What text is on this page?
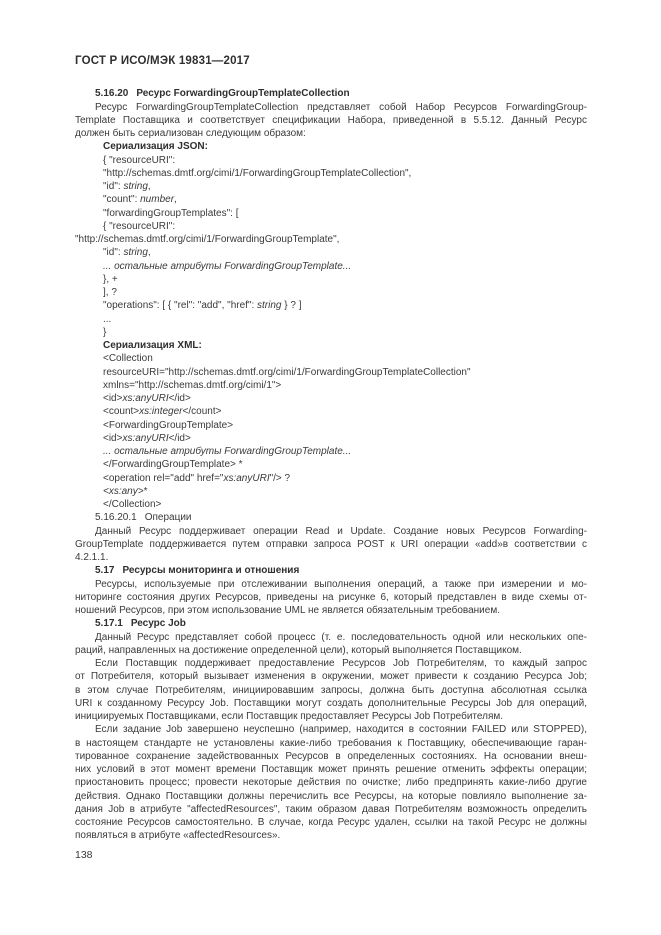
ГОСТ Р ИСО/МЭК 19831—2017
5.16.20 Ресурс ForwardingGroupTemplateCollection
Ресурс ForwardingGroupTemplateCollection представляет собой Набор Ресурсов ForwardingGroup-
Template Поставщика и соответствует спецификации Набора, приведенной в 5.5.12. Данный Ресурс
должен быть сериализован следующим образом:
Сериализация JSON:
{ "resourceURI":
"http://schemas.dmtf.org/cimi/1/ForwardingGroupTemplateCollection",
"id": string,
"count": number,
"forwardingGroupTemplates": [
{ "resourceURI":
"http://schemas.dmtf.org/cimi/1/ForwardingGroupTemplate",
"id": string,
... остальные атрибуты ForwardingGroupTemplate...
}, +
], ?
"operations": [ { "rel": "add", "href": string } ? ]
...
}
Сериализация XML:
<Collection
resourceURI="http://schemas.dmtf.org/cimi/1/ForwardingGroupTemplateCollection"
xmlns="http://schemas.dmtf.org/cimi/1">
<id>xs:anyURI</id>
<count>xs:integer</count>
<ForwardingGroupTemplate>
<id>xs:anyURI</id>
... остальные атрибуты ForwardingGroupTemplate...
</ForwardingGroupTemplate> *
<operation rel="add" href="xs:anyURI"/> ?
<xs:any>*
</Collection>
5.16.20.1 Операции
Данный Ресурс поддерживает операции Read и Update. Создание новых Ресурсов Forwarding-
GroupTemplate поддерживается путем отправки запроса POST к URI операции «add»в соответствии с
4.2.1.1.
5.17 Ресурсы мониторинга и отношения
Ресурсы, используемые при отслеживании выполнения операций, а также при измерении и мо-
ниторинге состояния других Ресурсов, приведены на рисунке 6, который представлен в виде схемы от-
ношений Ресурсов, при этом использование UML не является обязательным требованием.
5.17.1 Ресурс Job
Данный Ресурс представляет собой процесс (т. е. последовательность одной или нескольких опе-
раций, направленных на достижение определенной цели), который выполняется Поставщиком.
Если Поставщик поддерживает предоставление Ресурсов Job Потребителям, то каждый запрос
от Потребителя, который вызывает изменения в окружении, может привести к созданию Ресурса Job;
в этом случае Потребителям, инициировавшим запросы, должна быть доступна абсолютная ссылка
URI к созданному Ресурсу Job. Поставщики могут создать дополнительные Ресурсы Job для операций,
инициируемых Поставщиками, если Поставщик предоставляет Ресурсы Job Потребителям.
Если задание Job завершено неуспешно (например, находится в состоянии FAILED или STOPPED),
в настоящем стандарте не установлены какие-либо требования к Поставщику, обеспечивающие гаран-
тированное сохранение задействованных Ресурсов в определенных состояниях. На основании внеш-
них условий в этот момент времени Поставщик может принять решение отменить эффекты операции;
приостановить процесс; провести некоторые действия по очистке; либо предпринять какие-либо другие
действия. Однако Поставщики должны перечислить все Ресурсы, на которые повлияло выполнение за-
дания Job в атрибуте "affectedResources", таким образом давая Потребителям возможность определить
состояние Ресурсов самостоятельно. В случае, когда Ресурс удален, ссылки на такой Ресурс не должны
появляться в атрибуте «affectedResources».
138
